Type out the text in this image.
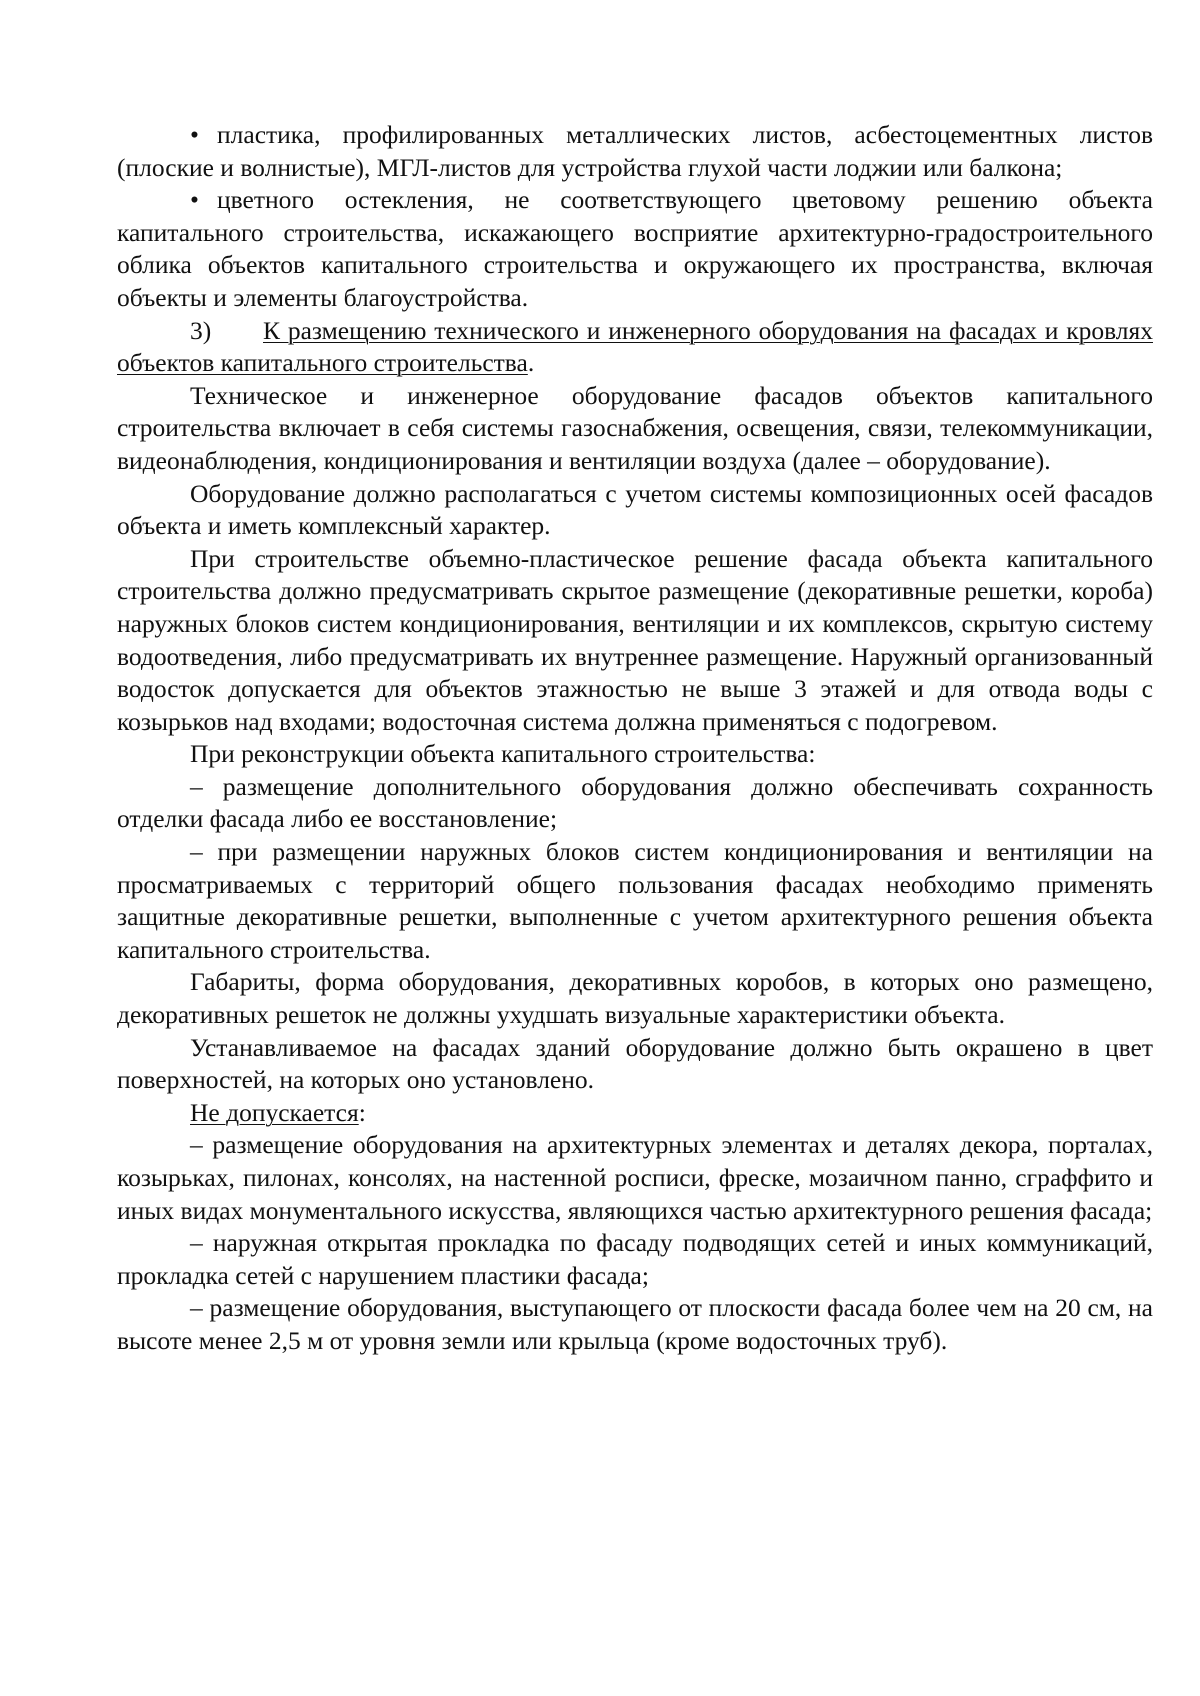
• пластика, профилированных металлических листов, асбестоцементных листов (плоские и волнистые), МГЛ-листов для устройства глухой части лоджии или балкона;

• цветного остекления, не соответствующего цветовому решению объекта капитального строительства, искажающего восприятие архитектурно-градостроительного облика объектов капитального строительства и окружающего их пространства, включая объекты и элементы благоустройства.

3) К размещению технического и инженерного оборудования на фасадах и кровлях объектов капитального строительства.

Техническое и инженерное оборудование фасадов объектов капитального строительства включает в себя системы газоснабжения, освещения, связи, телекоммуникации, видеонаблюдения, кондиционирования и вентиляции воздуха (далее – оборудование).

Оборудование должно располагаться с учетом системы композиционных осей фасадов объекта и иметь комплексный характер.

При строительстве объемно-пластическое решение фасада объекта капитального строительства должно предусматривать скрытое размещение (декоративные решетки, короба) наружных блоков систем кондиционирования, вентиляции и их комплексов, скрытую систему водоотведения, либо предусматривать их внутреннее размещение. Наружный организованный водосток допускается для объектов этажностью не выше 3 этажей и для отвода воды с козырьков над входами; водосточная система должна применяться с подогревом.

При реконструкции объекта капитального строительства:

– размещение дополнительного оборудования должно обеспечивать сохранность отделки фасада либо ее восстановление;

– при размещении наружных блоков систем кондиционирования и вентиляции на просматриваемых с территорий общего пользования фасадах необходимо применять защитные декоративные решетки, выполненные с учетом архитектурного решения объекта капитального строительства.

Габариты, форма оборудования, декоративных коробов, в которых оно размещено, декоративных решеток не должны ухудшать визуальные характеристики объекта.

Устанавливаемое на фасадах зданий оборудование должно быть окрашено в цвет поверхностей, на которых оно установлено.

Не допускается:

– размещение оборудования на архитектурных элементах и деталях декора, порталах, козырьках, пилонах, консолях, на настенной росписи, фреске, мозаичном панно, сграффито и иных видах монументального искусства, являющихся частью архитектурного решения фасада;

– наружная открытая прокладка по фасаду подводящих сетей и иных коммуникаций, прокладка сетей с нарушением пластики фасада;

– размещение оборудования, выступающего от плоскости фасада более чем на 20 см, на высоте менее 2,5 м от уровня земли или крыльца (кроме водосточных труб).
